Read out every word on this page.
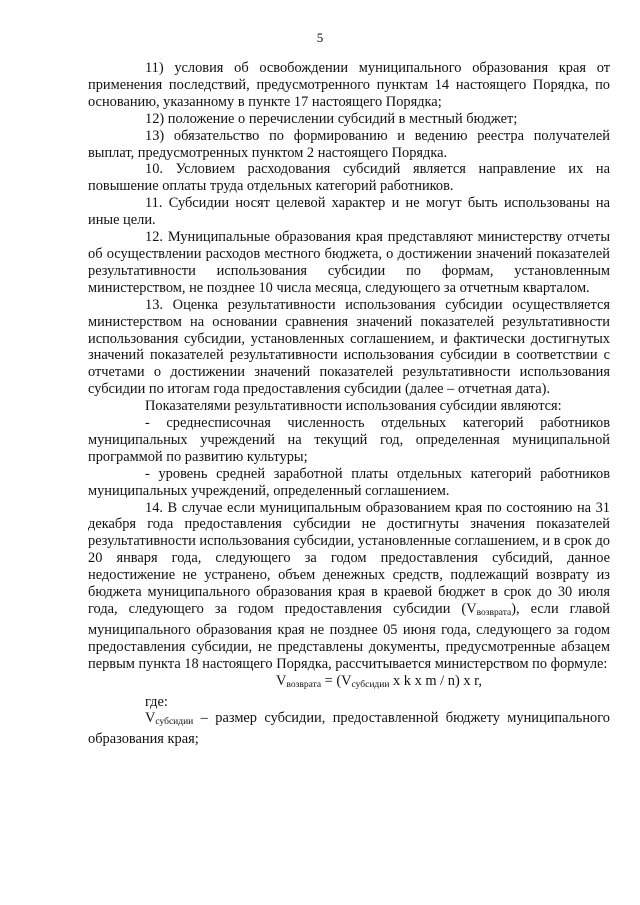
5

11) условия об освобождении муниципального образования края от применения последствий, предусмотренного пунктам 14 настоящего Порядка, по основанию, указанному в пункте 17 настоящего Порядка;

12) положение о перечислении субсидий в местный бюджет;

13) обязательство по формированию и ведению реестра получателей выплат, предусмотренных пунктом 2 настоящего Порядка.

10. Условием расходования субсидий является направление их на повышение оплаты труда отдельных категорий работников.

11. Субсидии носят целевой характер и не могут быть использованы на иные цели.

12. Муниципальные образования края представляют министерству отчеты об осуществлении расходов местного бюджета, о достижении значений показателей результативности использования субсидии по формам, установленным министерством, не позднее 10 числа месяца, следующего за отчетным кварталом.

13. Оценка результативности использования субсидии осуществляется министерством на основании сравнения значений показателей результативности использования субсидии, установленных соглашением, и фактически достигнутых значений показателей результативности использования субсидии в соответствии с отчетами о достижении значений показателей результативности использования субсидии по итогам года предоставления субсидии (далее – отчетная дата).

Показателями результативности использования субсидии являются:

- среднесписочная численность отдельных категорий работников муниципальных учреждений на текущий год, определенная муниципальной программой по развитию культуры;

- уровень средней заработной платы отдельных категорий работников муниципальных учреждений, определенный соглашением.

14. В случае если муниципальным образованием края по состоянию на 31 декабря года предоставления субсидии не достигнуты значения показателей результативности использования субсидии, установленные соглашением, и в срок до 20 января года, следующего за годом предоставления субсидий, данное недостижение не устранено, объем денежных средств, подлежащий возврату из бюджета муниципального образования края в краевой бюджет в срок до 30 июля года, следующего за годом предоставления субсидии $(V_{возврата})$, если главой муниципального образования края не позднее 05 июня года, следующего за годом предоставления субсидии, не представлены документы, предусмотренные абзацем первым пункта 18 настоящего Порядка, рассчитывается министерством по формуле:

$V_{возврата} = (V_{субсидии}$ x k x m / n) x r,

где:

$V_{субсидии}$ – размер субсидии, предоставленной бюджету муниципального образования края;
